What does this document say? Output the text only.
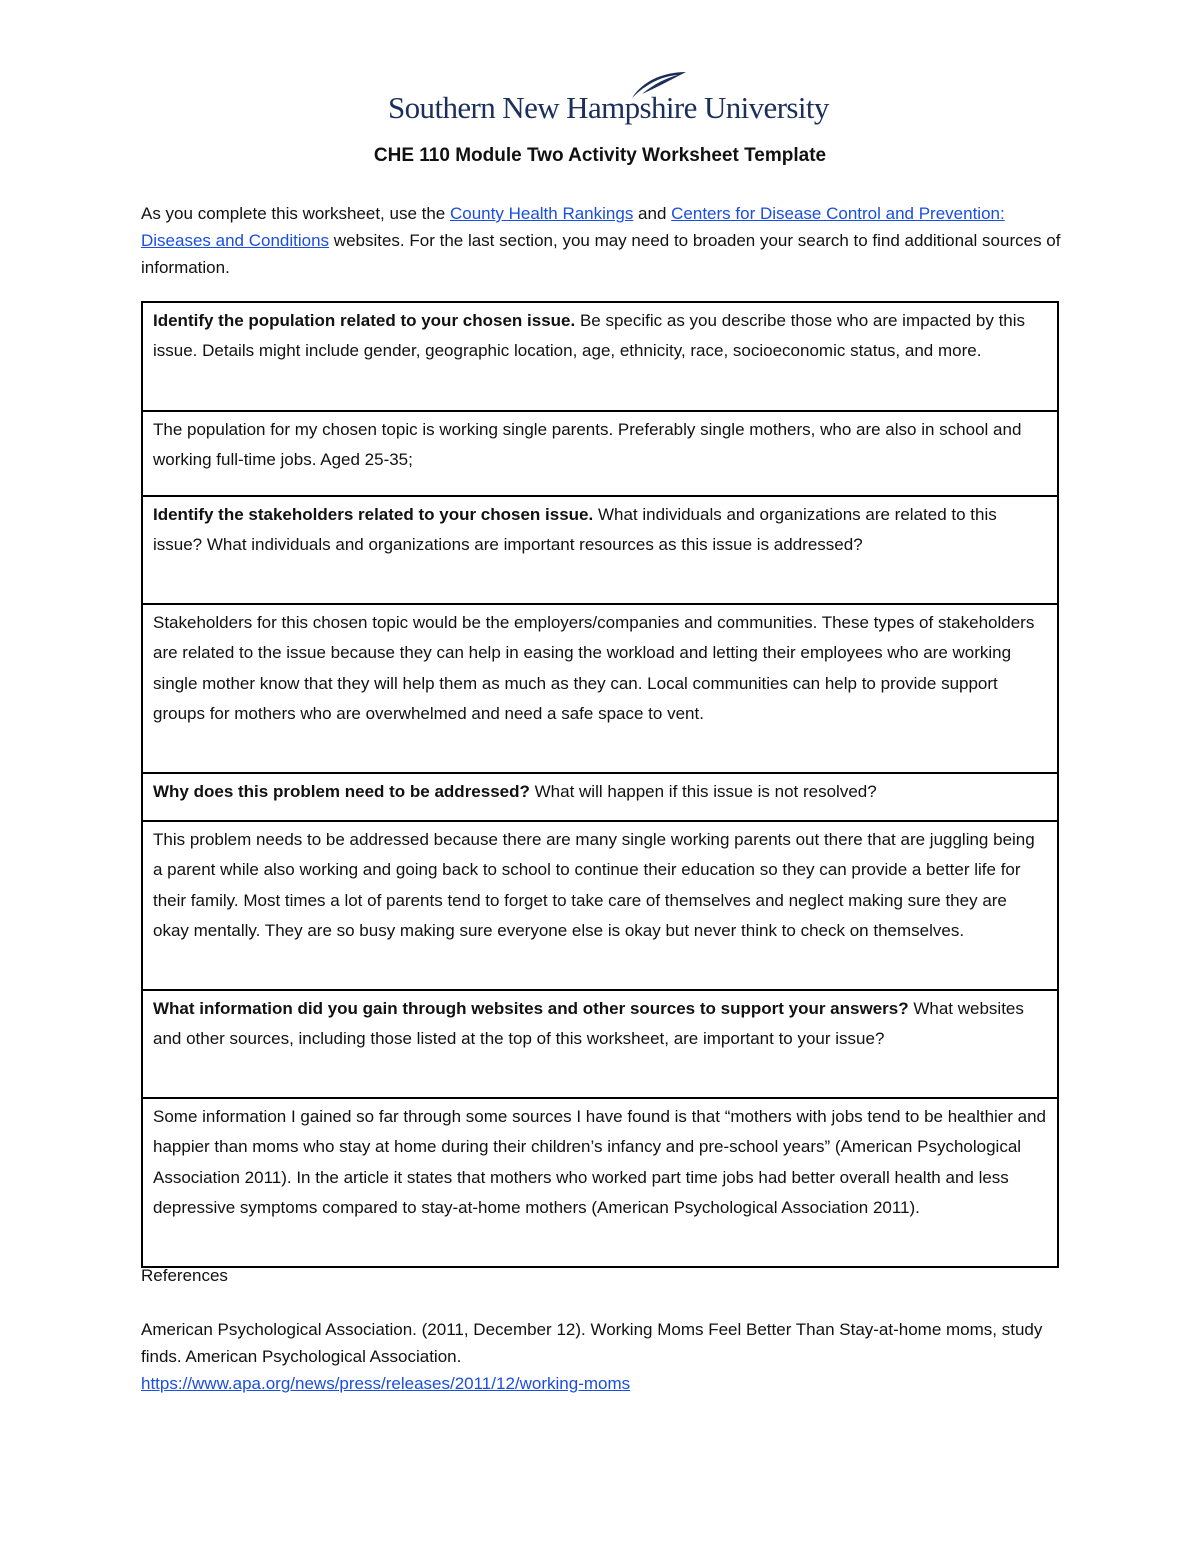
Southern New Hampshire University
CHE 110 Module Two Activity Worksheet Template
As you complete this worksheet, use the County Health Rankings and Centers for Disease Control and Prevention: Diseases and Conditions websites. For the last section, you may need to broaden your search to find additional sources of information.
Identify the population related to your chosen issue. Be specific as you describe those who are impacted by this issue. Details might include gender, geographic location, age, ethnicity, race, socioeconomic status, and more.
The population for my chosen topic is working single parents. Preferably single mothers, who are also in school and working full-time jobs. Aged 25-35;
Identify the stakeholders related to your chosen issue. What individuals and organizations are related to this issue? What individuals and organizations are important resources as this issue is addressed?
Stakeholders for this chosen topic would be the employers/companies and communities. These types of stakeholders are related to the issue because they can help in easing the workload and letting their employees who are working single mother know that they will help them as much as they can. Local communities can help to provide support groups for mothers who are overwhelmed and need a safe space to vent.
Why does this problem need to be addressed? What will happen if this issue is not resolved?
This problem needs to be addressed because there are many single working parents out there that are juggling being a parent while also working and going back to school to continue their education so they can provide a better life for their family. Most times a lot of parents tend to forget to take care of themselves and neglect making sure they are okay mentally. They are so busy making sure everyone else is okay but never think to check on themselves.
What information did you gain through websites and other sources to support your answers? What websites and other sources, including those listed at the top of this worksheet, are important to your issue?
Some information I gained so far through some sources I have found is that “mothers with jobs tend to be healthier and happier than moms who stay at home during their children’s infancy and pre-school years” (American Psychological Association 2011). In the article it states that mothers who worked part time jobs had better overall health and less depressive symptoms compared to stay-at-home mothers (American Psychological Association 2011).

References

American Psychological Association. (2011, December 12). Working Moms Feel Better Than Stay-at-home moms, study finds. American Psychological Association.

https://www.apa.org/news/press/releases/2011/12/working-moms
